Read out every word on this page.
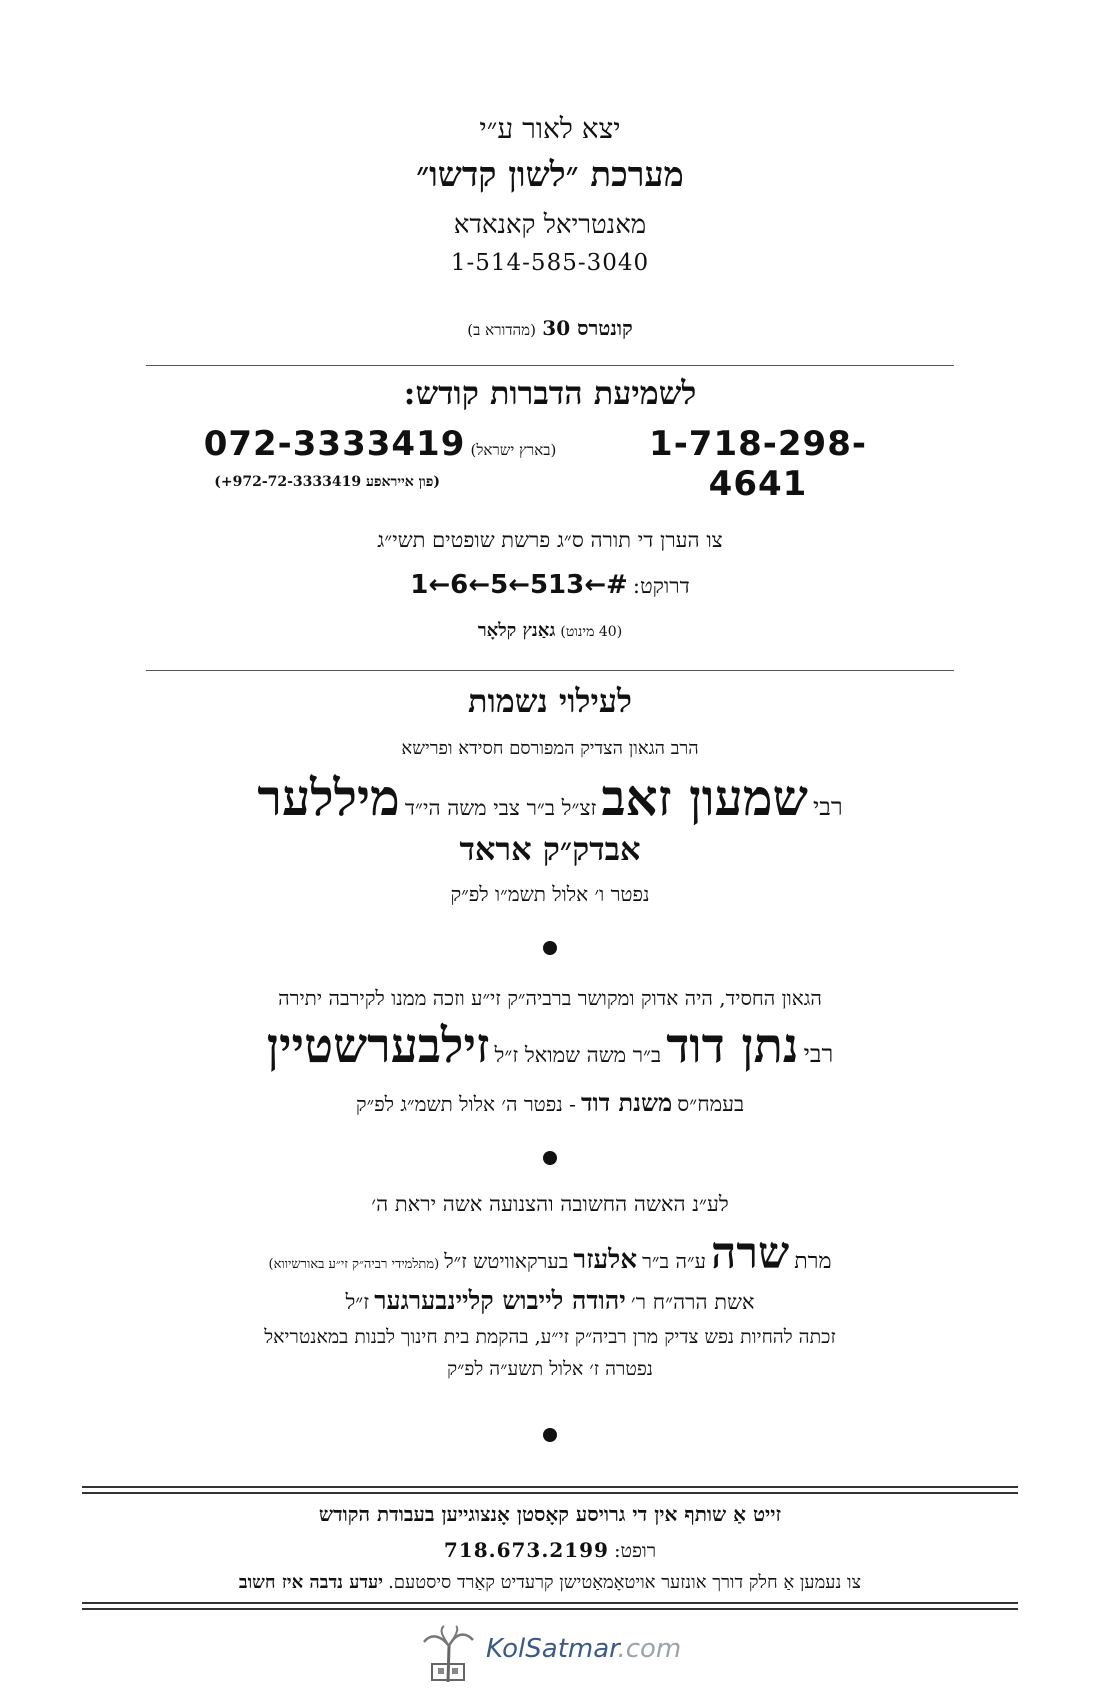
יצא לאור ע״י
מערכת ״לשון קדשו״
מאנטריאל קאנאדא
1-514-585-3040
קונטרס 30 (מהדורא ב)
לשמיעת הדברות קודש:
1-718-298-4641
(בארץ ישראל) 072-3333419
(פון אייראפע 972-72-3333419+)
צו הערן די תורה ס״ג פרשת שופטים תשי״ג
דרוקט: #←513←5←6←1
(40 מינוט) גאַנץ קלאָר
לעילוי נשמות
הרב הגאון הצדיק המפורסם חסידא ופרישא
רבי שמעון זאב זצ״ל ב״ר צבי משה הי״ד מיללער
אבדק״ק אראד
נפטר ו׳ אלול תשמ״ו לפ״ק
הגאון החסיד, היה אדוק ומקושר ברביה״ק זי״ע וזכה ממנו לקירבה יתירה
רבי נתן דוד ב״ר משה שמואל ז״ל זילבערשטיין
בעמח״ס משנת דוד - נפטר ה׳ אלול תשמ״ג לפ״ק
לע״נ האשה החשובה והצנועה אשה יראת ה׳
מרת שרה ע״ה ב״ר אלעזר בערקאוויטש ז״ל (מתלמידי רביה״ק זי״ע באורשיווא)
אשת הרה״ח ר׳ יהודה לייבוש קליינבערגער ז״ל
זכתה להחיות נפש צדיק מרן רביה״ק זי״ע, בהקמת בית חינוך לבנות במאנטריאל
נפטרה ז׳ אלול תשע״ה לפ״ק
זייט אַ שותף אין די גרויסע קאָסטן אָנצוגייען בעבודת הקודש
רופט: 718.673.2199
צו נעמען אַ חלק דורך אונזער אויטאָמאַטישן קרעדיט קאַרד סיסטעם. יעדע נדבה איז חשוב
KolSatmar.com
